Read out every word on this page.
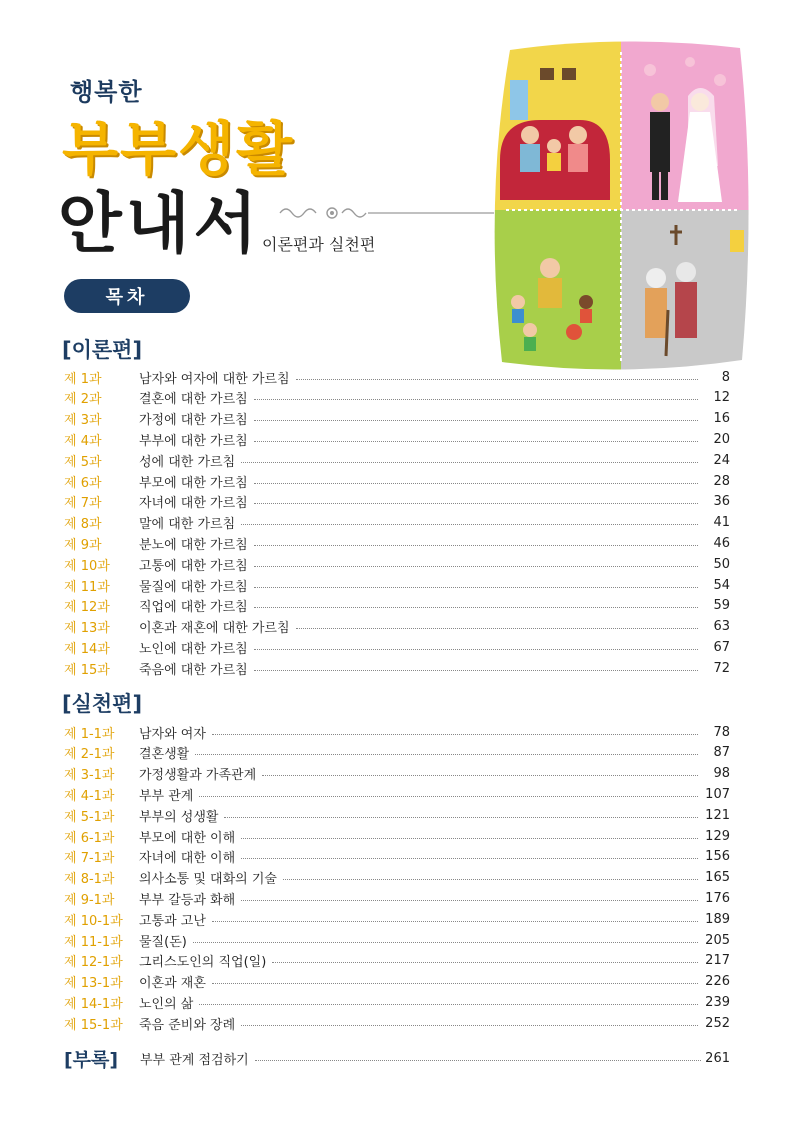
행복한
부부생활
안내서 이론편과 실천편
목차
[이론편]
제 1과	남자와 여자에 대한 가르침	8
제 2과	결혼에 대한 가르침	12
제 3과	가정에 대한 가르침	16
제 4과	부부에 대한 가르침	20
제 5과	성에 대한 가르침	24
제 6과	부모에 대한 가르침	28
제 7과	자녀에 대한 가르침	36
제 8과	말에 대한 가르침	41
제 9과	분노에 대한 가르침	46
제 10과	고통에 대한 가르침	50
제 11과	물질에 대한 가르침	54
제 12과	직업에 대한 가르침	59
제 13과	이혼과 재혼에 대한 가르침	63
제 14과	노인에 대한 가르침	67
제 15과	죽음에 대한 가르침	72
[실천편]
제 1-1과	남자와 여자	78
제 2-1과	결혼생활	87
제 3-1과	가정생활과 가족관계	98
제 4-1과	부부 관계	107
제 5-1과	부부의 성생활	121
제 6-1과	부모에 대한 이해	129
제 7-1과	자녀에 대한 이해	156
제 8-1과	의사소통 및 대화의 기술	165
제 9-1과	부부 갈등과 화해	176
제 10-1과	고통과 고난	189
제 11-1과	물질(돈)	205
제 12-1과	그리스도인의 직업(일)	217
제 13-1과	이혼과 재혼	226
제 14-1과	노인의 삶	239
제 15-1과	죽음 준비와 장례	252
[부록]	부부 관계 점검하기	261
